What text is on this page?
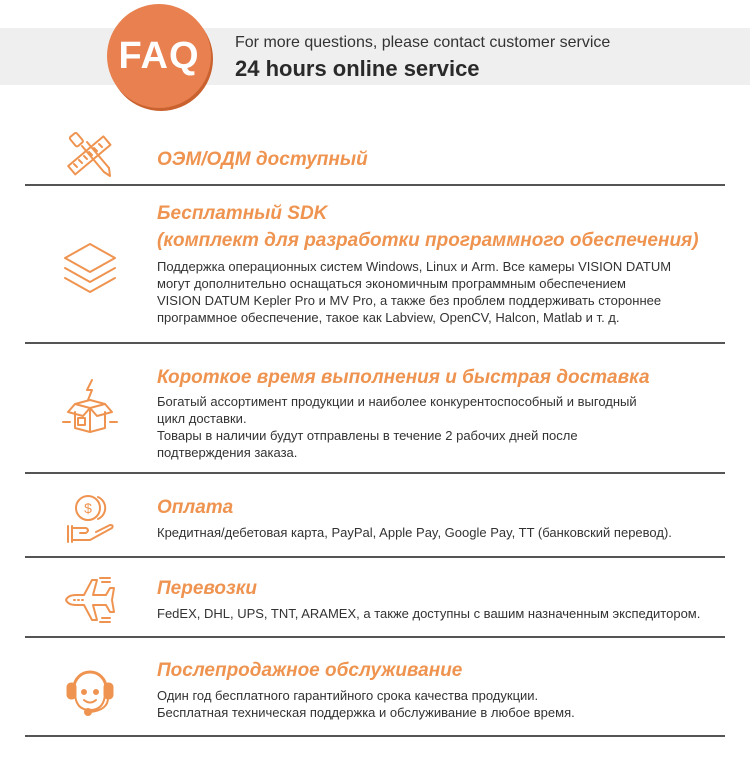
FAQ For more questions, please contact customer service
24 hours online service
ОЭМ/ОДМ доступный
Бесплатный SDK
(комплект для разработки программного обеспечения)
Поддержка операционных систем Windows, Linux и Arm. Все камеры VISION DATUM
могут дополнительно оснащаться экономичным программным обеспечением
VISION DATUM Kepler Pro и MV Pro, а также без проблем поддерживать стороннее
программное обеспечение, такое как Labview, OpenCV, Halcon, Matlab и т. д.
Короткое время выполнения и быстрая доставка
Богатый ассортимент продукции и наиболее конкурентоспособный и выгодный
цикл доставки.
Товары в наличии будут отправлены в течение 2 рабочих дней после
подтверждения заказа.
$	Оплата
Кредитная/дебетовая карта, PayPal, Apple Pay, Google Pay, TT (банковский перевод).
Перевозки
FedEX, DHL, UPS, TNT, ARAMEX, а также доступны с вашим назначенным экспедитором.
Послепродажное обслуживание
Один год бесплатного гарантийного срока качества продукции.
Бесплатная техническая поддержка и обслуживание в любое время.
